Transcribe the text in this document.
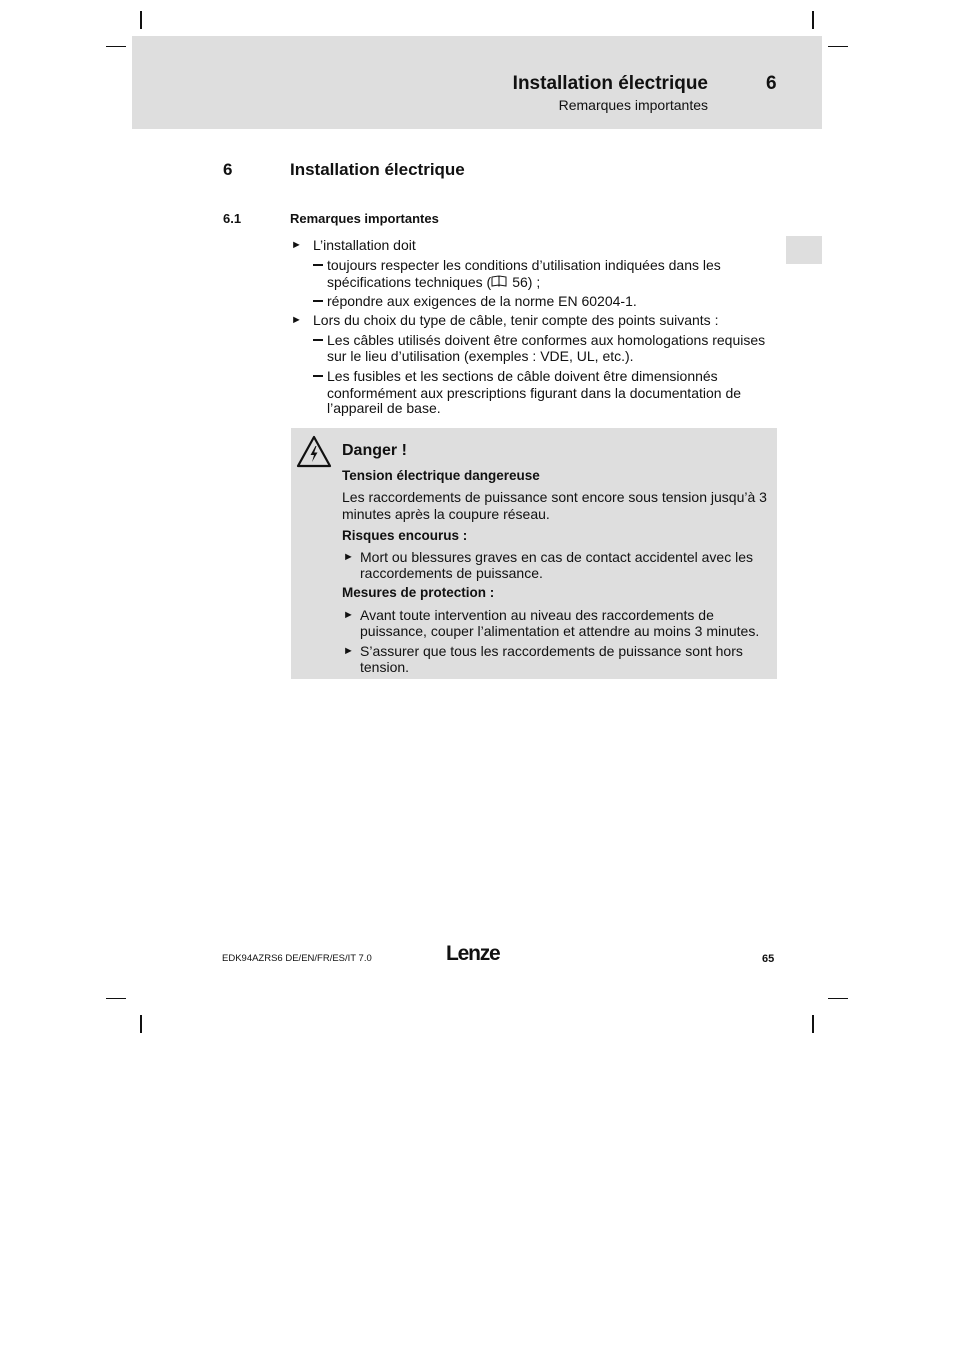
Installation électrique	6
Remarques importantes
6	Installation électrique
6.1	Remarques importantes
► L’installation doit
toujours respecter les conditions d’utilisation indiquées dans les
spécifications techniques ( 56) ;
répondre aux exigences de la norme EN 60204-1.
► Lors du choix du type de câble, tenir compte des points suivants :
Les câbles utilisés doivent être conformes aux homologations requises
sur le lieu d’utilisation (exemples : VDE, UL, etc.).
Les fusibles et les sections de câble doivent être dimensionnés
conformément aux prescriptions figurant dans la documentation de
l’appareil de base.
Danger !
Tension électrique dangereuse
Les raccordements de puissance sont encore sous tension jusqu’à 3
minutes après la coupure réseau.
Risques encourus :
► Mort ou blessures graves en cas de contact accidentel avec les
raccordements de puissance.
Mesures de protection :
► Avant toute intervention au niveau des raccordements de
puissance, couper l’alimentation et attendre au moins 3 minutes.
► S’assurer que tous les raccordements de puissance sont hors
tension.
EDK94AZRS6 DE/EN/FR/ES/IT 7.0	Lenze	65
